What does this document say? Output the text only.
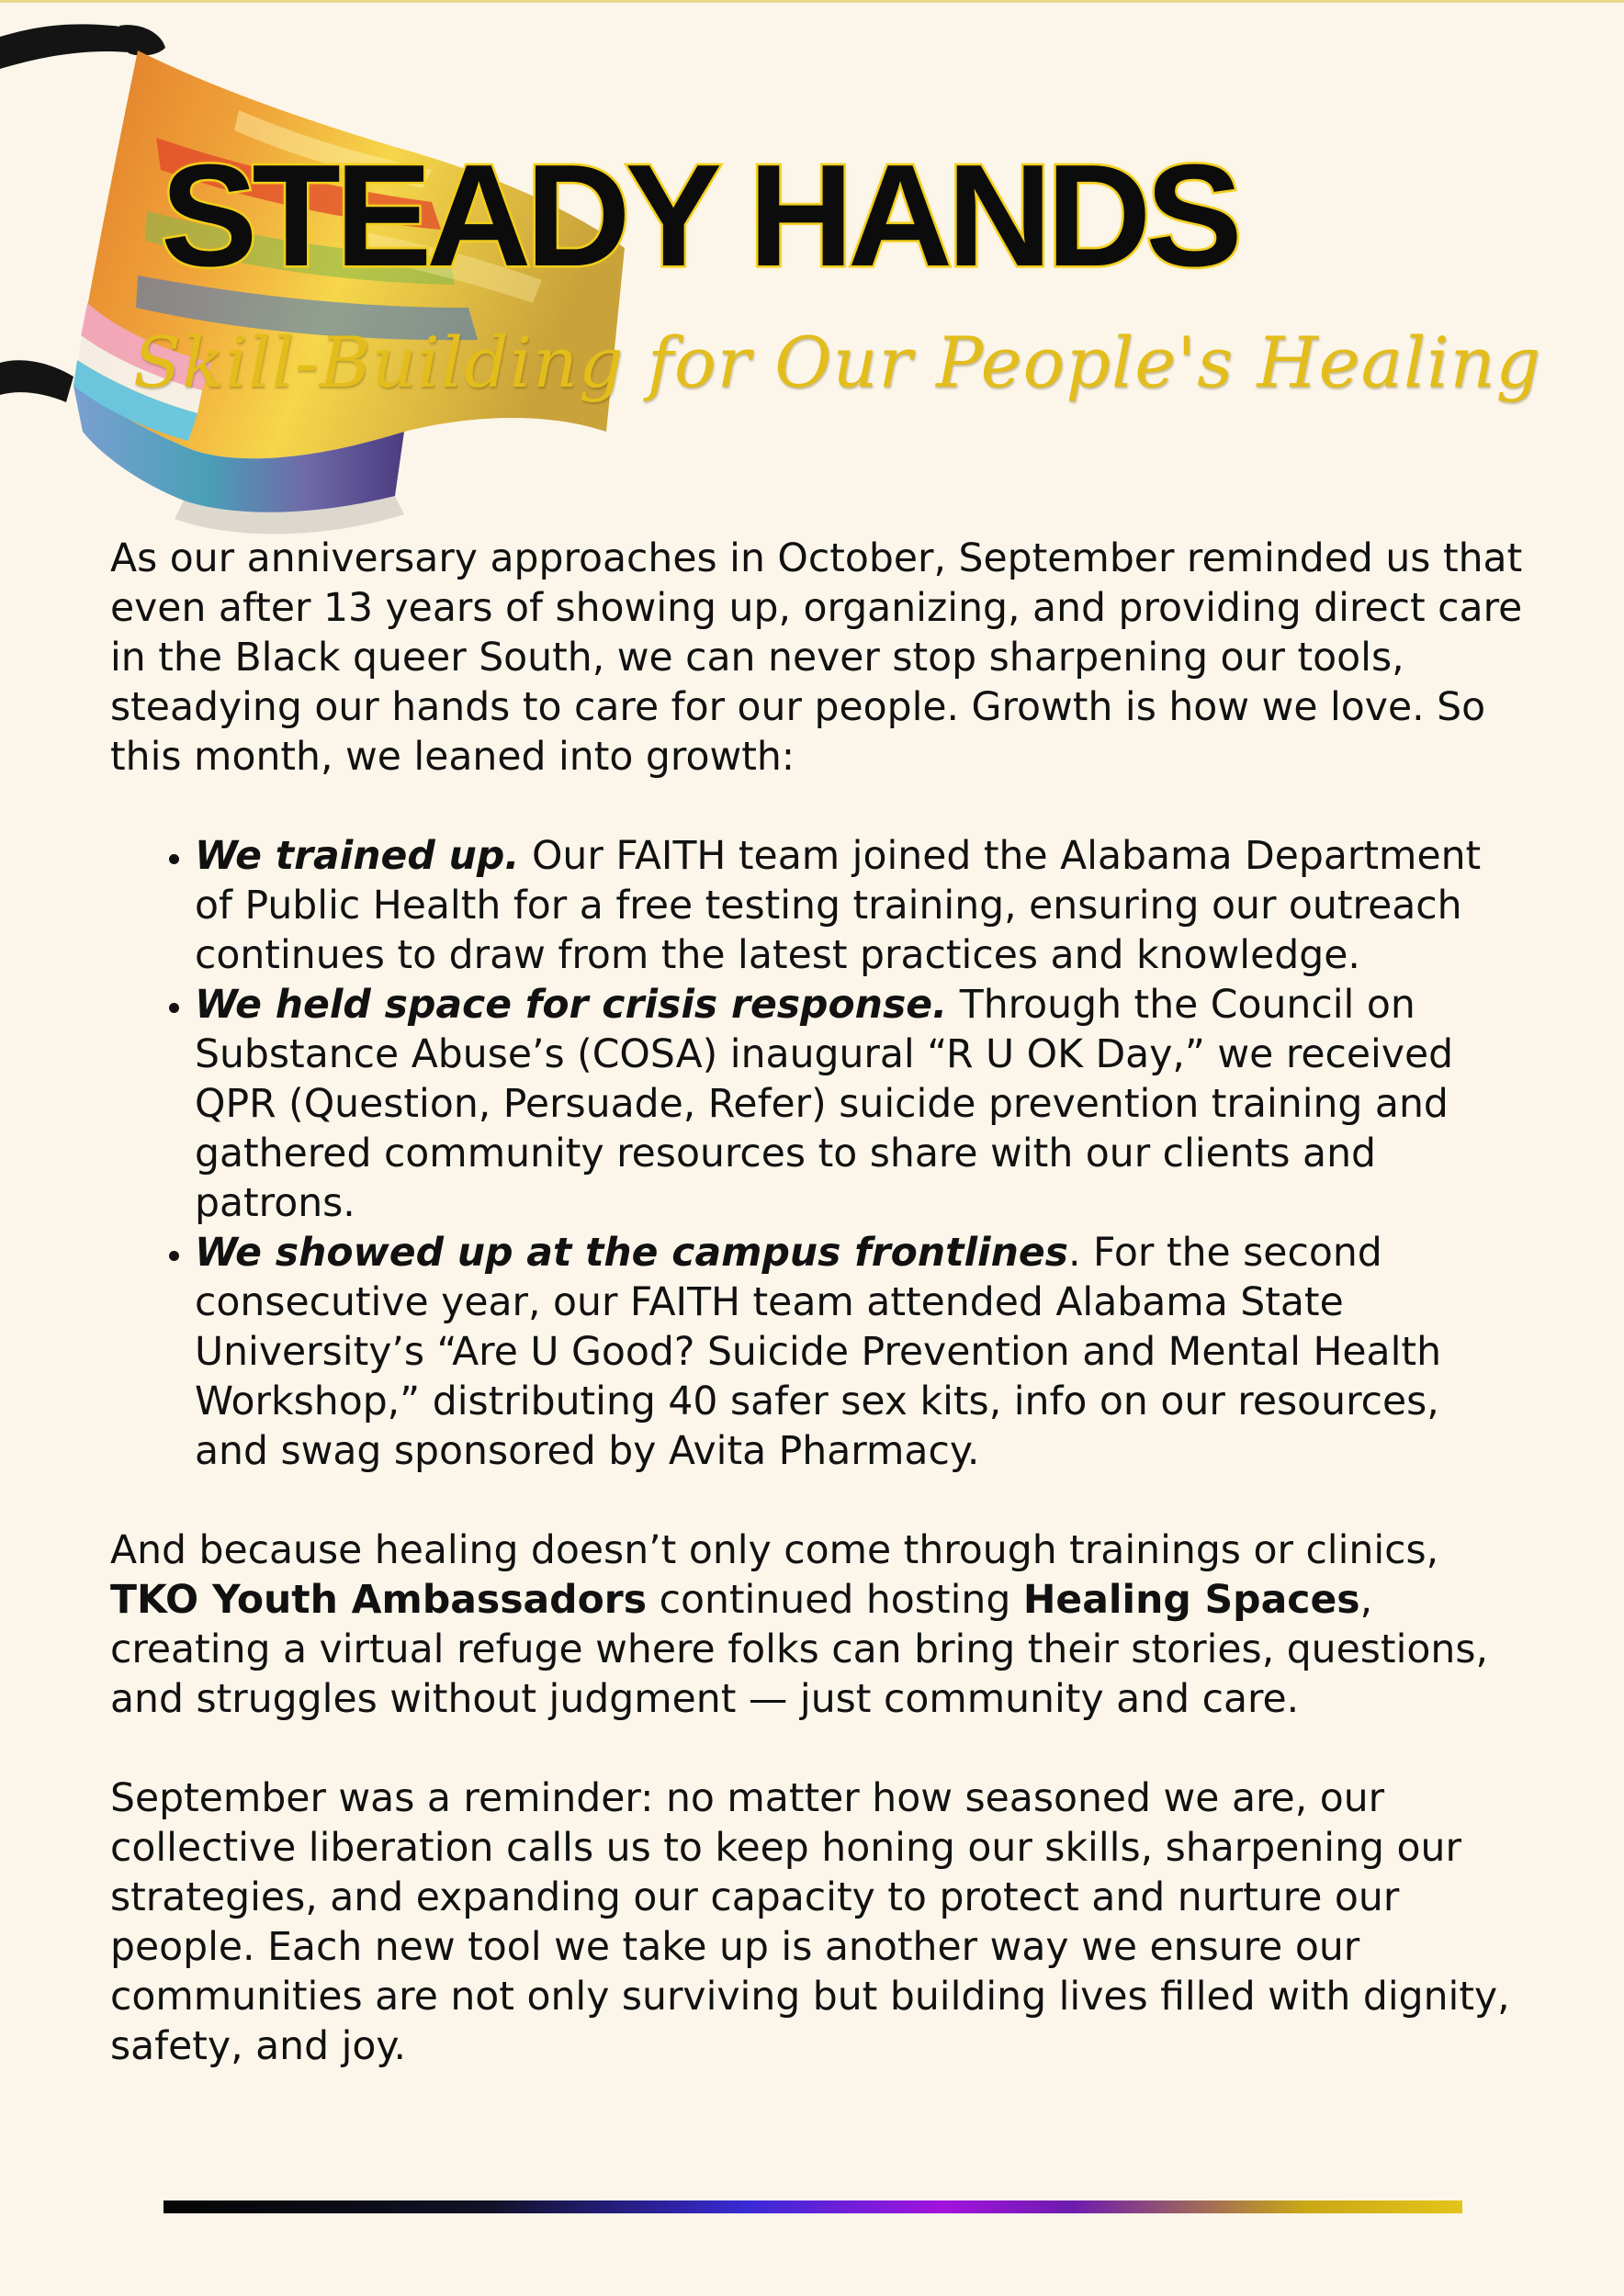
STEADY HANDS
Skill-Building for Our People's Healing

As our anniversary approaches in October, September reminded us that even after 13 years of showing up, organizing, and providing direct care in the Black queer South, we can never stop sharpening our tools, steadying our hands to care for our people. Growth is how we love. So this month, we leaned into growth:

• We trained up. Our FAITH team joined the Alabama Department of Public Health for a free testing training, ensuring our outreach continues to draw from the latest practices and knowledge.
• We held space for crisis response. Through the Council on Substance Abuse’s (COSA) inaugural “R U OK Day,” we received QPR (Question, Persuade, Refer) suicide prevention training and gathered community resources to share with our clients and patrons.
• We showed up at the campus frontlines. For the second consecutive year, our FAITH team attended Alabama State University’s “Are U Good? Suicide Prevention and Mental Health Workshop,” distributing 40 safer sex kits, info on our resources, and swag sponsored by Avita Pharmacy.

And because healing doesn’t only come through trainings or clinics, TKO Youth Ambassadors continued hosting Healing Spaces, creating a virtual refuge where folks can bring their stories, questions, and struggles without judgment — just community and care.

September was a reminder: no matter how seasoned we are, our collective liberation calls us to keep honing our skills, sharpening our strategies, and expanding our capacity to protect and nurture our people. Each new tool we take up is another way we ensure our communities are not only surviving but building lives filled with dignity, safety, and joy.
